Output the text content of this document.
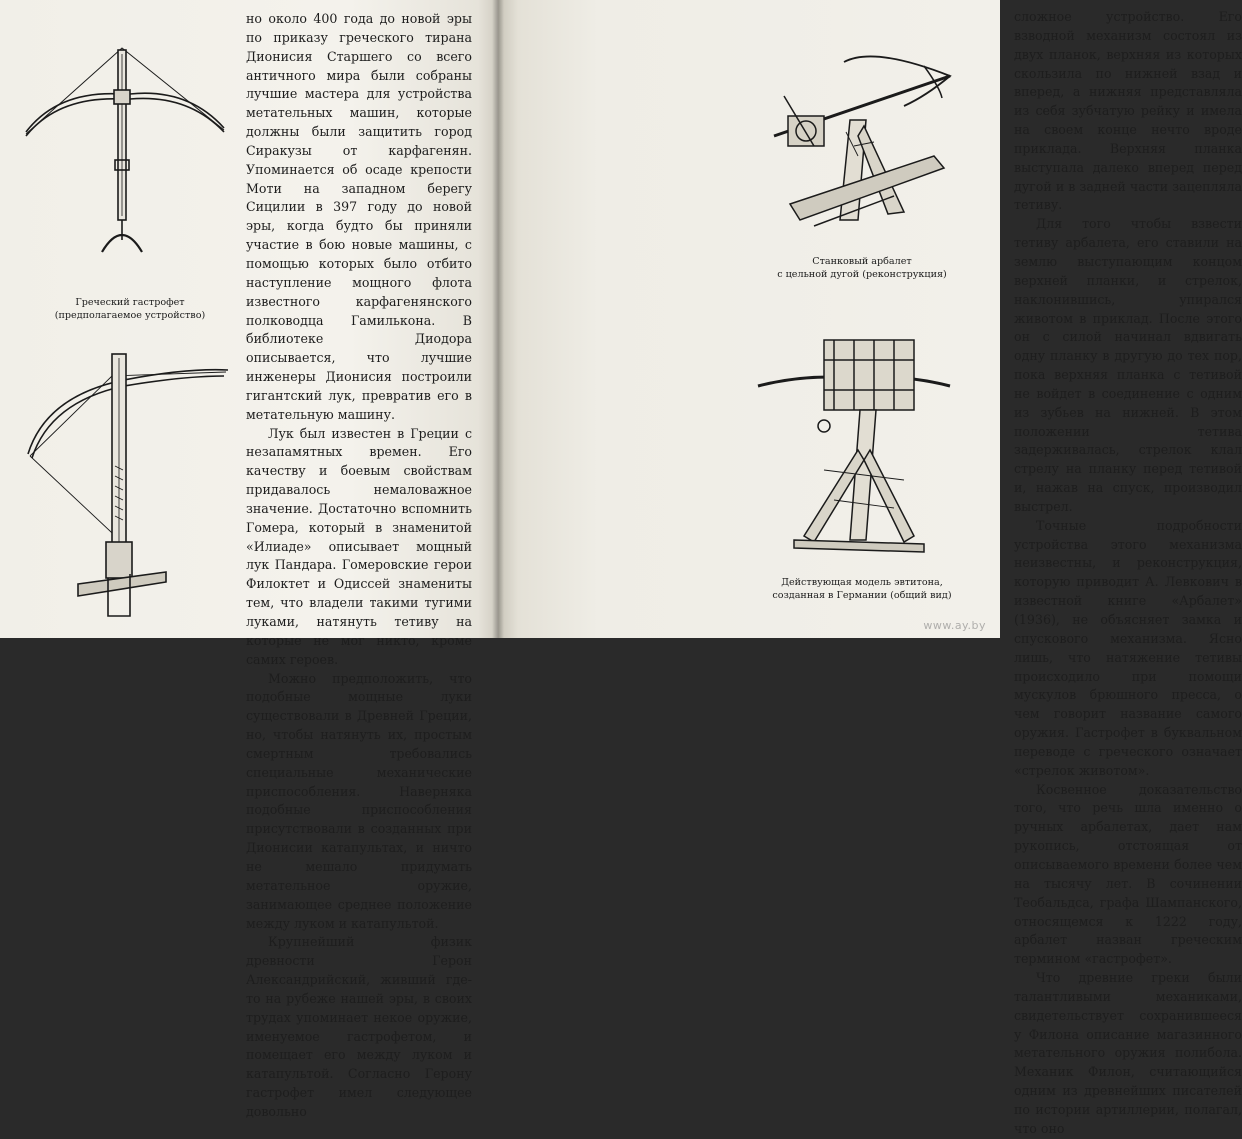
Греческий гастрофет
(предполагаемое устройство)

но около 400 года до новой эры по приказу греческого тирана Дионисия Старшего со всего античного мира были собраны лучшие мастера для устройства метательных машин, которые должны были защитить город Сиракузы от карфагенян. Упоминается об осаде крепости Моти на западном берегу Сицилии в 397 году до новой эры, когда будто бы приняли участие в бою новые машины, с помощью которых было отбито наступление мощного флота известного карфагенянского полководца Гамилькона. В библиотеке Диодора описывается, что лучшие инженеры Дионисия построили гигантский лук, превратив его в метательную машину.

Лук был известен в Греции с незапамятных времен. Его качеству и боевым свойствам придавалось немаловажное значение. Достаточно вспомнить Гомера, который в знаменитой «Илиаде» описывает мощный лук Пандара. Гомеровские герои Филоктет и Одиссей знамениты тем, что владели такими тугими луками, натянуть тетиву на которые не мог никто, кроме самих героев.

Можно предположить, что подобные мощные луки существовали в Древней Греции, но, чтобы натянуть их, простым смертным требовались специальные механические приспособления. Наверняка подобные приспособления присутствовали в созданных при Дионисии катапультах, и ничто не мешало придумать метательное оружие, занимающее среднее положение между луком и катапультой.

Крупнейший физик древности Герон Александрийский, живший где-то на рубеже нашей эры, в своих трудах упоминает некое оружие, именуемое гастрофетом, и помещает его между луком и катапультой. Согласно Герону гастрофет имел следующее довольно

сложное устройство. Его взводной механизм состоял из двух планок, верхняя из которых скользила по нижней взад и вперед, а нижняя представляла из себя зубчатую рейку и имела на своем конце нечто вроде приклада. Верхняя планка выступала далеко вперед перед дугой и в задней части зацепляла тетиву.

Для того чтобы взвести тетиву арбалета, его ставили на землю выступающим концом верхней планки, и стрелок, наклонившись, упирался животом в приклад. После этого он с силой начинал вдвигать одну планку в другую до тех пор, пока верхняя планка с тетивой не войдет в соединение с одним из зубьев на нижней. В этом положении тетива задерживалась, стрелок клал стрелу на планку перед тетивой и, нажав на спуск, производил выстрел.

Точные подробности устройства этого механизма неизвестны, и реконструкция, которую приводит А. Левкович в известной книге «Арбалет» (1936), не объясняет замка и спускового механизма. Ясно лишь, что натяжение тетивы происходило при помощи мускулов брюшного пресса, о чем говорит название самого оружия. Гастрофет в буквальном переводе с греческого означает «стрелок животом».

Косвенное доказательство того, что речь шла именно о ручных арбалетах, дает нам рукопись, отстоящая от описываемого времени более чем на тысячу лет. В сочинении Теобальдса, графа Шампанского, относящемся к 1222 году, арбалет назван греческим термином «гастрофет».

Что древние греки были талантливыми механиками, свидетельствует сохранившееся у Филона описание магазинного метательного оружия полибола. Механик Филон, считающийся одним из древнейших писателей по истории артиллерии, полагал, что оно

Станковый арбалет
с цельной дугой (реконструкция)
Действующая модель эвтитона,
созданная в Германии (общий вид)
www.ay.by
